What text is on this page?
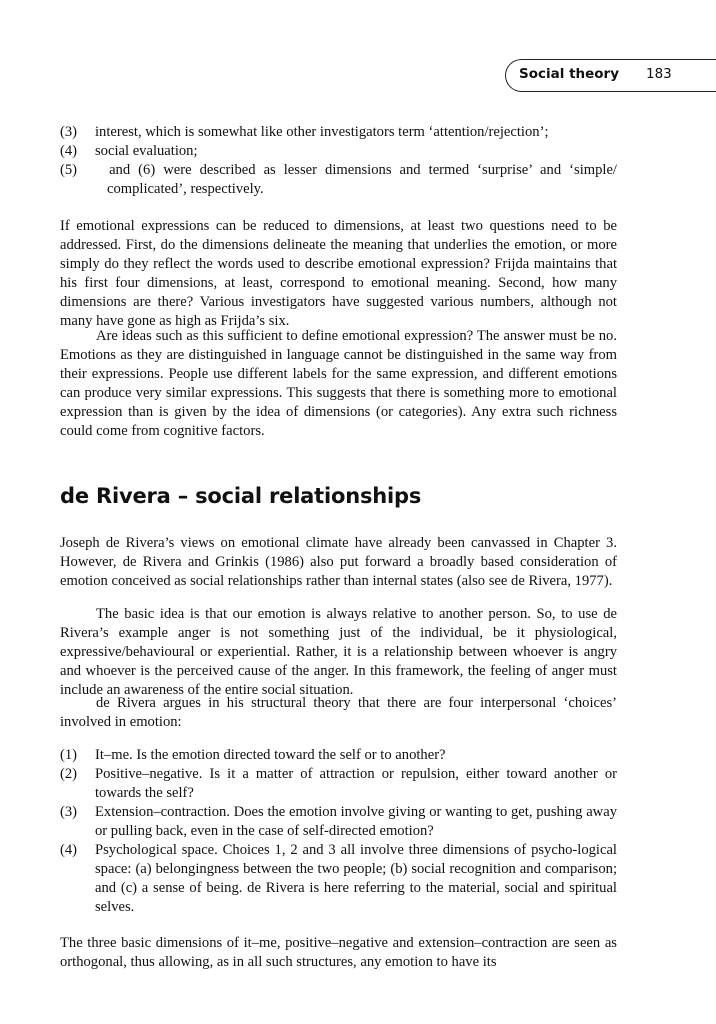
Social theory 183
(3) interest, which is somewhat like other investigators term ‘attention/rejection’;
(4) social evaluation;
(5) and (6) were described as lesser dimensions and termed ‘surprise’ and ‘simple/ complicated’, respectively.

If emotional expressions can be reduced to dimensions, at least two questions need to be addressed. First, do the dimensions delineate the meaning that underlies the emotion, or more simply do they reflect the words used to describe emotional expression? Frijda maintains that his first four dimensions, at least, correspond to emotional meaning. Second, how many dimensions are there? Various investigators have suggested various numbers, although not many have gone as high as Frijda’s six.

Are ideas such as this sufficient to define emotional expression? The answer must be no. Emotions as they are distinguished in language cannot be distinguished in the same way from their expressions. People use different labels for the same expression, and different emotions can produce very similar expressions. This suggests that there is something more to emotional expression than is given by the idea of dimensions (or categories). Any extra such richness could come from cognitive factors.

de Rivera – social relationships

Joseph de Rivera’s views on emotional climate have already been canvassed in Chapter 3. However, de Rivera and Grinkis (1986) also put forward a broadly based consideration of emotion conceived as social relationships rather than internal states (also see de Rivera, 1977).

The basic idea is that our emotion is always relative to another person. So, to use de Rivera’s example anger is not something just of the individual, be it physiological, expressive/behavioural or experiential. Rather, it is a relationship between whoever is angry and whoever is the perceived cause of the anger. In this framework, the feeling of anger must include an awareness of the entire social situation.

de Rivera argues in his structural theory that there are four interpersonal ‘choices’ involved in emotion:

(1) It–me. Is the emotion directed toward the self or to another?
(2) Positive–negative. Is it a matter of attraction or repulsion, either toward another or towards the self?
(3) Extension–contraction. Does the emotion involve giving or wanting to get, pushing away or pulling back, even in the case of self-directed emotion?
(4) Psychological space. Choices 1, 2 and 3 all involve three dimensions of psycho-logical space: (a) belongingness between the two people; (b) social recognition and comparison; and (c) a sense of being. de Rivera is here referring to the material, social and spiritual selves.

The three basic dimensions of it–me, positive–negative and extension–contraction are seen as orthogonal, thus allowing, as in all such structures, any emotion to have its
